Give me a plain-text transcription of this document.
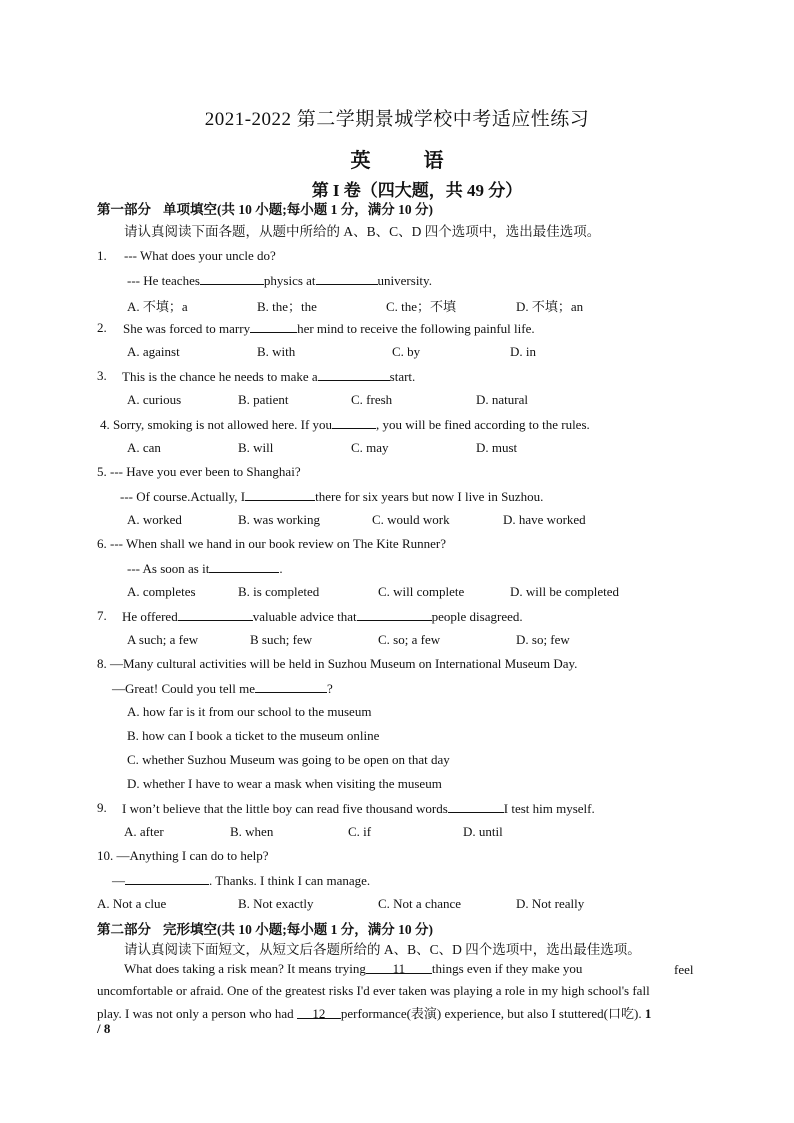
2021-2022 第二学期景城学校中考适应性练习
英 语
第 I 卷（四大题，共 49 分）
第一部分 单项填空(共 10 小题;每小题 1 分，满分 10 分)
请认真阅读下面各题，从题中所给的 A、B、C、D 四个选项中，选出最佳选项。
1. --- What does your uncle do?
--- He teaches	physics at	university.
A. 不填；a	B. the；the	C. the；不填	D. 不填；an
2. She was forced to marry	her mind to receive the following painful life.
A. against	B. with	C. by	D. in
3. This is the chance he needs to make a	start.
A. curious	B. patient	C. fresh	D. natural
4. Sorry, smoking is not allowed here. If you	, you will be fined according to the rules.
A. can	B. will	C. may	D. must
5. --- Have you ever been to Shanghai?
--- Of course.Actually, I	there for six years but now I live in Suzhou.
A. worked	B. was working	C. would work	D. have worked
6. --- When shall we hand in our book review on The Kite Runner?
--- As soon as it	.
A. completes	B. is completed	C. will complete	D. will be completed
7. He offered	valuable advice that	people disagreed.
A such; a few	B such; few	C. so; a few	D. so; few
8. —Many cultural activities will be held in Suzhou Museum on International Museum Day.
—Great! Could you tell me	?
A. how far is it from our school to the museum
B. how can I book a ticket to the museum online
C. whether Suzhou Museum was going to be open on that day
D. whether I have to wear a mask when visiting the museum
9. I won’t believe that the little boy can read five thousand words	I test him myself.
A. after	B. when	C. if	D. until
10. —Anything I can do to help?
—	. Thanks. I think I can manage.
A. Not a clue	B. Not exactly	C. Not a chance	D. Not really
第二部分 完形填空(共 10 小题;每小题 1 分，满分 10 分)
请认真阅读下面短文，从短文后各题所给的 A、B、C、D 四个选项中，选出最佳选项。
What does taking a risk mean? It means trying 11 things even if they make you	feel
uncomfortable or afraid. One of the greatest risks I'd ever taken was playing a role in my high school's fall
play. I was not only a person who had 12 performance(表演) experience, but also I stuttered(口吃). 1
/ 8
